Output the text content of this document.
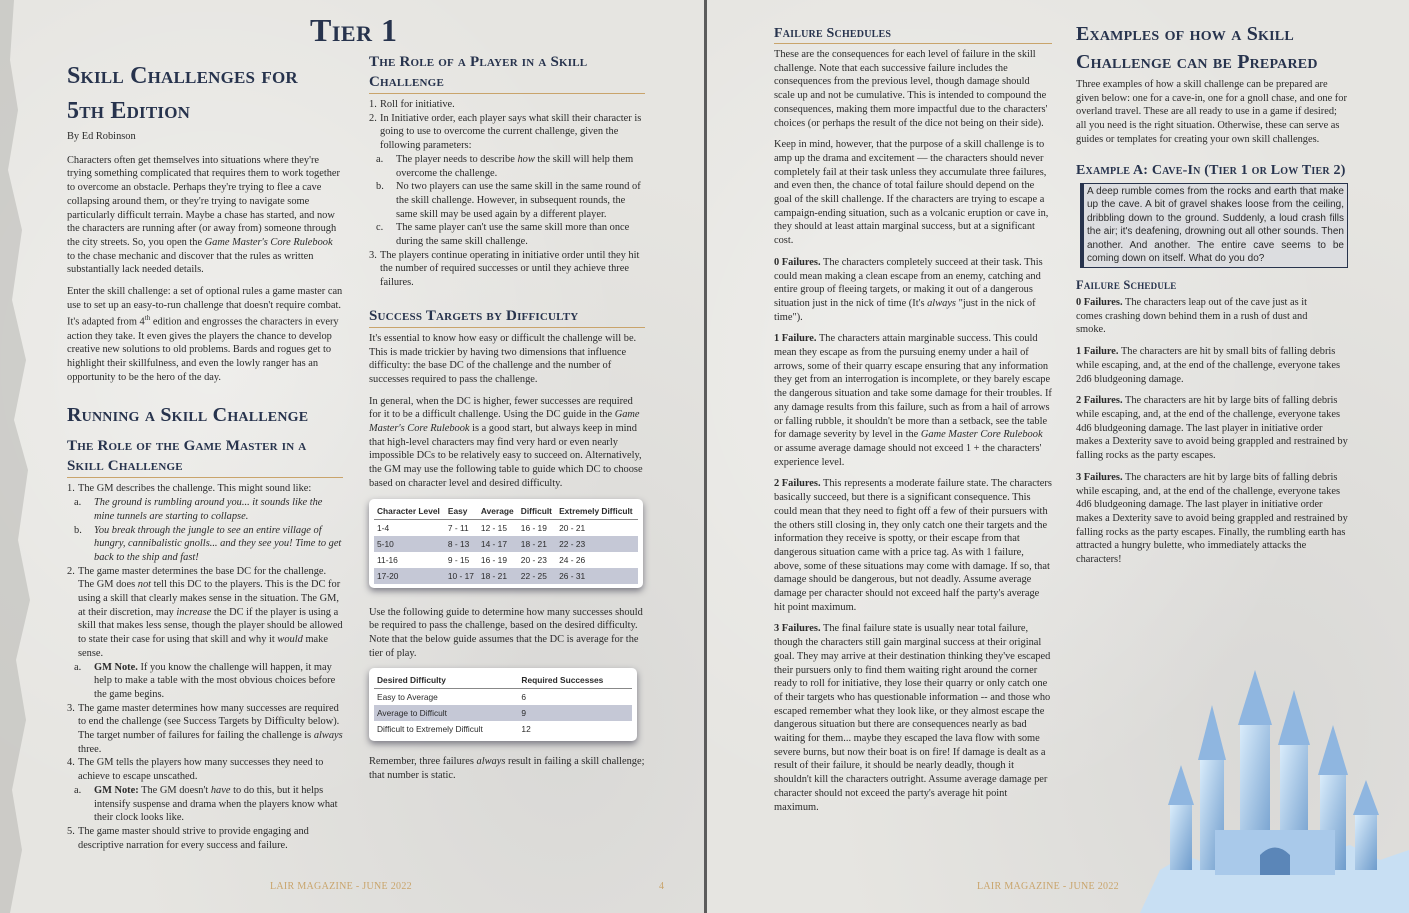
Tier 1
Skill Challenges for
5th Edition

By Ed Robinson

Characters often get themselves into situations where they're trying something complicated that requires them to work together to overcome an obstacle. Perhaps they're trying to flee a cave collapsing around them, or they're trying to navigate some particularly difficult terrain. Maybe a chase has started, and now the characters are running after (or away from) someone through the city streets. So, you open the Game Master's Core Rulebook to the chase mechanic and discover that the rules as written substantially lack needed details.

Enter the skill challenge: a set of optional rules a game master can use to set up an easy-to-run challenge that doesn't require combat. It's adapted from 4th edition and engrosses the characters in every action they take. It even gives the players the chance to develop creative new solutions to old problems. Bards and rogues get to highlight their skillfulness, and even the lowly ranger has an opportunity to be the hero of the day.

Running a Skill Challenge
The Role of the Game Master in a Skill Challenge
1. The GM describes the challenge. This might sound like:
a. The ground is rumbling around you... it sounds like the mine tunnels are starting to collapse.
b. You break through the jungle to see an entire village of hungry, cannibalistic gnolls... and they see you! Time to get back to the ship and fast!
2. The game master determines the base DC for the challenge. The GM does not tell this DC to the players. This is the DC for using a skill that clearly makes sense in the situation. The GM, at their discretion, may increase the DC if the player is using a skill that makes less sense, though the player should be allowed to state their case for using that skill and why it would make sense.
a. GM Note. If you know the challenge will happen, it may help to make a table with the most obvious choices before the game begins.
3. The game master determines how many successes are required to end the challenge (see Success Targets by Difficulty below). The target number of failures for failing the challenge is always three.
4. The GM tells the players how many successes they need to achieve to escape unscathed.
a. GM Note: The GM doesn't have to do this, but it helps intensify suspense and drama when the players know what their clock looks like.
5. The game master should strive to provide engaging and descriptive narration for every success and failure.
The Role of a Player in a Skill Challenge
1. Roll for initiative.
2. In Initiative order, each player says what skill their character is going to use to overcome the current challenge, given the following parameters:
a. The player needs to describe how the skill will help them overcome the challenge.
b. No two players can use the same skill in the same round of the skill challenge. However, in subsequent rounds, the same skill may be used again by a different player.
c. The same player can't use the same skill more than once during the same skill challenge.
3. The players continue operating in initiative order until they hit the number of required successes or until they achieve three failures.
Success Targets by Difficulty

It's essential to know how easy or difficult the challenge will be. This is made trickier by having two dimensions that influence difficulty: the base DC of the challenge and the number of successes required to pass the challenge.

In general, when the DC is higher, fewer successes are required for it to be a difficult challenge. Using the DC guide in the Game Master's Core Rulebook is a good start, but always keep in mind that high-level characters may find very hard or even nearly impossible DCs to be relatively easy to succeed on. Alternatively, the GM may use the following table to guide which DC to choose based on character level and desired difficulty.

Character Level	Easy	Average	Difficult	Extremely Difficult
1-4	7 - 11	12 - 15	16 - 19	20 - 21
5-10	8 - 13	14 - 17	18 - 21	22 - 23
11-16	9 - 15	16 - 19	20 - 23	24 - 26
17-20	10 - 17	18 - 21	22 - 25	26 - 31

Use the following guide to determine how many successes should be required to pass the challenge, based on the desired difficulty. Note that the below guide assumes that the DC is average for the tier of play.

Desired Difficulty	Required Successes
Easy to Average	6
Average to Difficult	9
Difficult to Extremely Difficult	12

Remember, three failures always result in failing a skill challenge; that number is static.

LAIR MAGAZINE - JUNE 2022	4
Failure Schedules

These are the consequences for each level of failure in the skill challenge. Note that each successive failure includes the consequences from the previous level, though damage should scale up and not be cumulative. This is intended to compound the consequences, making them more impactful due to the characters' choices (or perhaps the result of the dice not being on their side).

Keep in mind, however, that the purpose of a skill challenge is to amp up the drama and excitement — the characters should never completely fail at their task unless they accumulate three failures, and even then, the chance of total failure should depend on the goal of the skill challenge. If the characters are trying to escape a campaign-ending situation, such as a volcanic eruption or cave in, they should at least attain marginal success, but at a significant cost.

0 Failures. The characters completely succeed at their task. This could mean making a clean escape from an enemy, catching and entire group of fleeing targets, or making it out of a dangerous situation just in the nick of time (It's always "just in the nick of time").

1 Failure. The characters attain marginable success. This could mean they escape as from the pursuing enemy under a hail of arrows, some of their quarry escape ensuring that any information they get from an interrogation is incomplete, or they barely escape the dangerous situation and take some damage for their troubles. If any damage results from this failure, such as from a hail of arrows or falling rubble, it shouldn't be more than a setback, see the table for damage severity by level in the Game Master Core Rulebook or assume average damage should not exceed 1 + the characters' experience level.

2 Failures. This represents a moderate failure state. The characters basically succeed, but there is a significant consequence. This could mean that they need to fight off a few of their pursuers with the others still closing in, they only catch one their targets and the information they receive is spotty, or their escape from that dangerous situation came with a price tag. As with 1 failure, above, some of these situations may come with damage. If so, that damage should be dangerous, but not deadly. Assume average damage per character should not exceed half the party's average hit point maximum.

3 Failures. The final failure state is usually near total failure, though the characters still gain marginal success at their original goal. They may arrive at their destination thinking they've escaped their pursuers only to find them waiting right around the corner ready to roll for initiative, they lose their quarry or only catch one of their targets who has questionable information -- and those who escaped remember what they look like, or they almost escape the dangerous situation but there are consequences nearly as bad waiting for them... maybe they escaped the lava flow with some severe burns, but now their boat is on fire! If damage is dealt as a result of their failure, it should be nearly deadly, though it shouldn't kill the characters outright. Assume average damage per character should not exceed the party's average hit point maximum.

Examples of how a Skill Challenge can be Prepared

Three examples of how a skill challenge can be prepared are given below: one for a cave-in, one for a gnoll chase, and one for overland travel. These are all ready to use in a game if desired; all you need is the right situation. Otherwise, these can serve as guides or templates for creating your own skill challenges.

Example A: Cave-In (Tier 1 or Low Tier 2)
A deep rumble comes from the rocks and earth that make up the cave. A bit of gravel shakes loose from the ceiling, dribbling down to the ground. Suddenly, a loud crash fills the air; it's deafening, drowning out all other sounds. Then another. And another. The entire cave seems to be coming down on itself. What do you do?
Failure Schedule

0 Failures. The characters leap out of the cave just as it comes crashing down behind them in a rush of dust and smoke.

1 Failure. The characters are hit by small bits of falling debris while escaping, and, at the end of the challenge, everyone takes 2d6 bludgeoning damage.

2 Failures. The characters are hit by large bits of falling debris while escaping, and, at the end of the challenge, everyone takes 4d6 bludgeoning damage. The last player in initiative order makes a Dexterity save to avoid being grappled and restrained by falling rocks as the party escapes.

3 Failures. The characters are hit by large bits of falling debris while escaping, and, at the end of the challenge, everyone takes 4d6 bludgeoning damage. The last player in initiative order makes a Dexterity save to avoid being grappled and restrained by falling rocks as the party escapes. Finally, the rumbling earth has attracted a hungry bulette, who immediately attacks the characters!

LAIR MAGAZINE - JUNE 2022
